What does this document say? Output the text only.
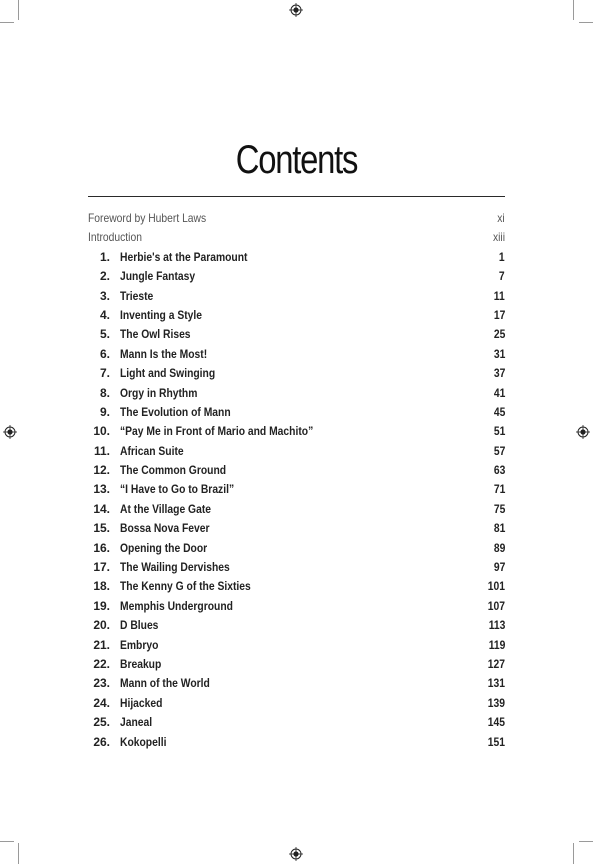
Contents
Foreword by Hubert Laws	xi
Introduction	xiii
1. Herbie's at the Paramount	1
2. Jungle Fantasy	7
3. Trieste	11
4. Inventing a Style	17
5. The Owl Rises	25
6. Mann Is the Most!	31
7. Light and Swinging	37
8. Orgy in Rhythm	41
9. The Evolution of Mann	45
10. “Pay Me in Front of Mario and Machito”	51
11. African Suite	57
12. The Common Ground	63
13. “I Have to Go to Brazil”	71
14. At the Village Gate	75
15. Bossa Nova Fever	81
16. Opening the Door	89
17. The Wailing Dervishes	97
18. The Kenny G of the Sixties	101
19. Memphis Underground	107
20. D Blues	113
21. Embryo	119
22. Breakup	127
23. Mann of the World	131
24. Hijacked	139
25. Janeal	145
26. Kokopelli	151
